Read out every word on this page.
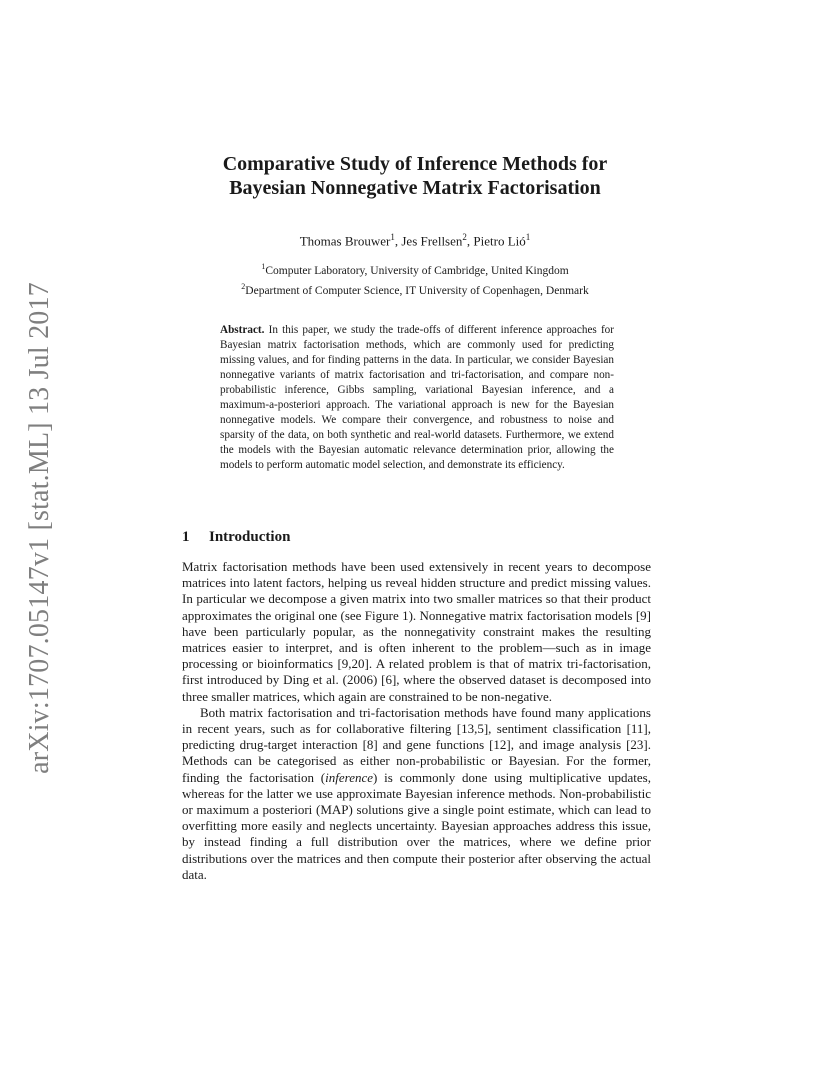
arXiv:1707.05147v1 [stat.ML] 13 Jul 2017
Comparative Study of Inference Methods for
Bayesian Nonnegative Matrix Factorisation
Thomas Brouwer$^1$, Jes Frellsen$^2$, Pietro Lió$^1$
$^1$Computer Laboratory, University of Cambridge, United Kingdom
$^2$Department of Computer Science, IT University of Copenhagen, Denmark
Abstract. In this paper, we study the trade-offs of different inference approaches for Bayesian matrix factorisation methods, which are commonly used for predicting missing values, and for finding patterns in the data. In particular, we consider Bayesian nonnegative variants of matrix factorisation and tri-factorisation, and compare non-probabilistic inference, Gibbs sampling, variational Bayesian inference, and a maximum-a-posteriori approach. The variational approach is new for the Bayesian nonnegative models. We compare their convergence, and robustness to noise and sparsity of the data, on both synthetic and real-world datasets. Furthermore, we extend the models with the Bayesian automatic relevance determination prior, allowing the models to perform automatic model selection, and demonstrate its efficiency.
1 Introduction

Matrix factorisation methods have been used extensively in recent years to decompose matrices into latent factors, helping us reveal hidden structure and predict missing values. In particular we decompose a given matrix into two smaller matrices so that their product approximates the original one (see Figure 1). Nonnegative matrix factorisation models [9] have been particularly popular, as the nonnegativity constraint makes the resulting matrices easier to interpret, and is often inherent to the problem—such as in image processing or bioinformatics [9,20]. A related problem is that of matrix tri-factorisation, first introduced by Ding et al. (2006) [6], where the observed dataset is decomposed into three smaller matrices, which again are constrained to be non-negative.

Both matrix factorisation and tri-factorisation methods have found many applications in recent years, such as for collaborative filtering [13,5], sentiment classification [11], predicting drug-target interaction [8] and gene functions [12], and image analysis [23]. Methods can be categorised as either non-probabilistic or Bayesian. For the former, finding the factorisation (inference) is commonly done using multiplicative updates, whereas for the latter we use approximate Bayesian inference methods. Non-probabilistic or maximum a posteriori (MAP) solutions give a single point estimate, which can lead to overfitting more easily and neglects uncertainty. Bayesian approaches address this issue, by instead finding a full distribution over the matrices, where we define prior distributions over the matrices and then compute their posterior after observing the actual data.
